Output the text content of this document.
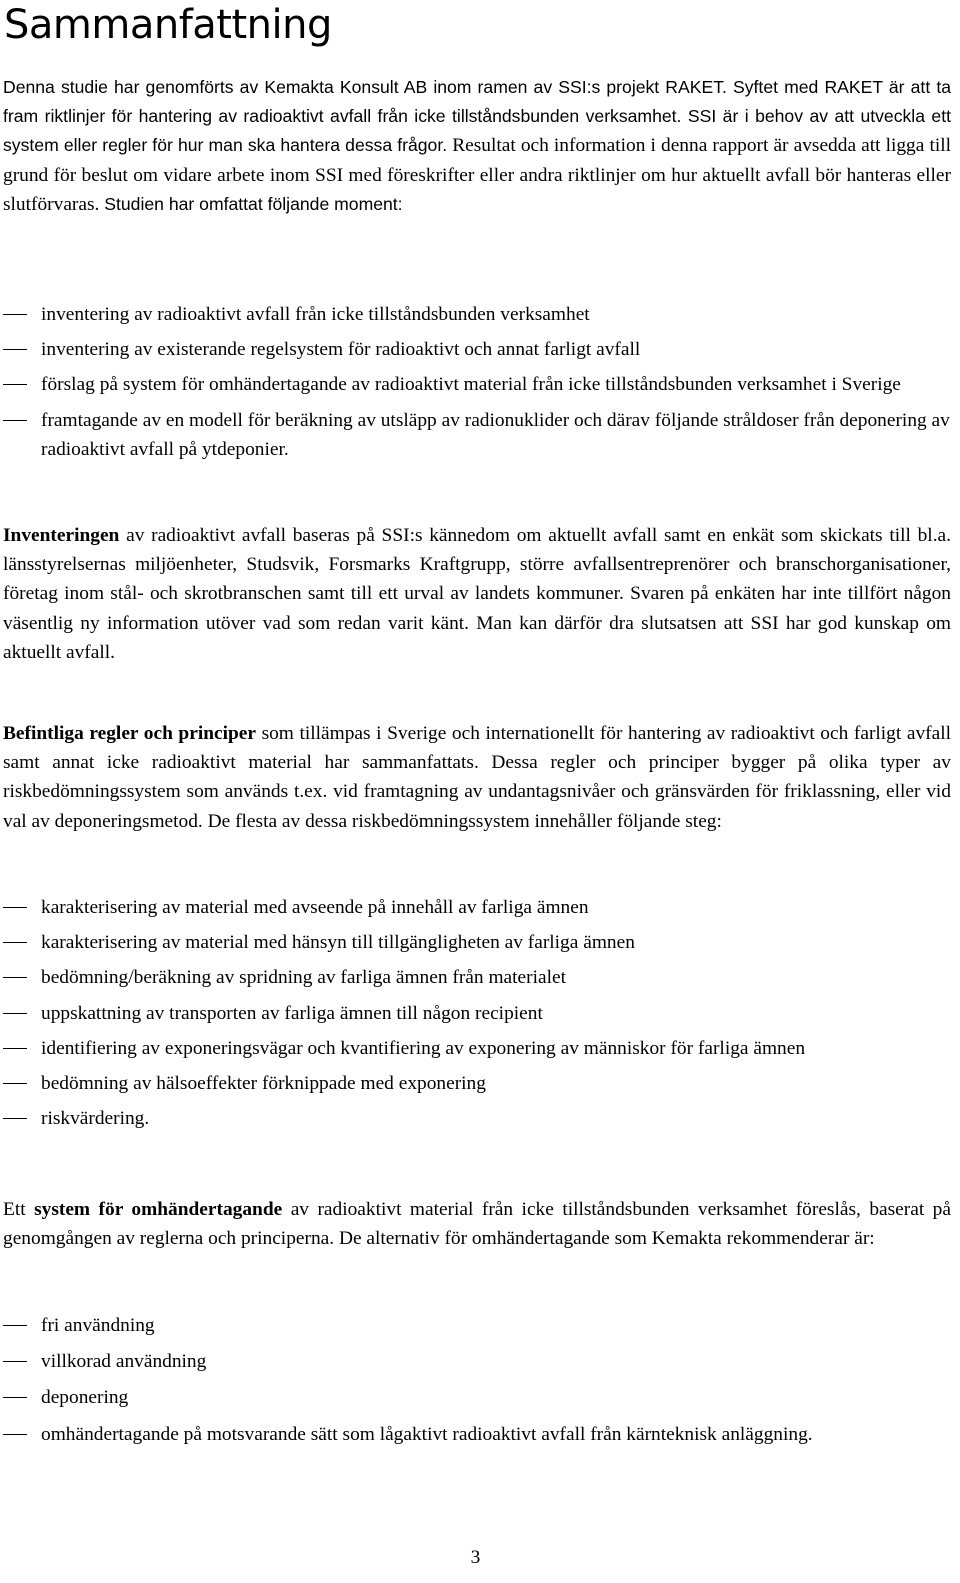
Sammanfattning

Denna studie har genomförts av Kemakta Konsult AB inom ramen av SSI:s projekt RAKET. Syftet med RAKET är att ta fram riktlinjer för hantering av radioaktivt avfall från icke tillståndsbunden verksamhet. SSI är i behov av att utveckla ett system eller regler för hur man ska hantera dessa frågor. Resultat och information i denna rapport är avsedda att ligga till grund för beslut om vidare arbete inom SSI med föreskrifter eller andra riktlinjer om hur aktuellt avfall bör hanteras eller slutförvaras. Studien har omfattat följande moment:

inventering av radioaktivt avfall från icke tillståndsbunden verksamhet
inventering av existerande regelsystem för radioaktivt och annat farligt avfall
förslag på system för omhändertagande av radioaktivt material från icke tillståndsbunden verksamhet i Sverige
framtagande av en modell för beräkning av utsläpp av radionuklider och därav följande stråldoser från deponering av radioaktivt avfall på ytdeponier.

Inventeringen av radioaktivt avfall baseras på SSI:s kännedom om aktuellt avfall samt en enkät som skickats till bl.a. länsstyrelsernas miljöenheter, Studsvik, Forsmarks Kraftgrupp, större avfallsentreprenörer och branschorganisationer, företag inom stål- och skrotbranschen samt till ett urval av landets kommuner. Svaren på enkäten har inte tillfört någon väsentlig ny information utöver vad som redan varit känt. Man kan därför dra slutsatsen att SSI har god kunskap om aktuellt avfall.

Befintliga regler och principer som tillämpas i Sverige och internationellt för hantering av radioaktivt och farligt avfall samt annat icke radioaktivt material har sammanfattats. Dessa regler och principer bygger på olika typer av riskbedömningssystem som används t.ex. vid framtagning av undantagsnivåer och gränsvärden för friklassning, eller vid val av deponeringsmetod. De flesta av dessa riskbedömningssystem innehåller följande steg:

karakterisering av material med avseende på innehåll av farliga ämnen
karakterisering av material med hänsyn till tillgängligheten av farliga ämnen
bedömning/beräkning av spridning av farliga ämnen från materialet
uppskattning av transporten av farliga ämnen till någon recipient
identifiering av exponeringsvägar och kvantifiering av exponering av människor för farliga ämnen
bedömning av hälsoeffekter förknippade med exponering
riskvärdering.

Ett system för omhändertagande av radioaktivt material från icke tillståndsbunden verksamhet föreslås, baserat på genomgången av reglerna och principerna. De alternativ för omhändertagande som Kemakta rekommenderar är:

fri användning
villkorad användning
deponering
omhändertagande på motsvarande sätt som lågaktivt radioaktivt avfall från kärnteknisk anläggning.
3
